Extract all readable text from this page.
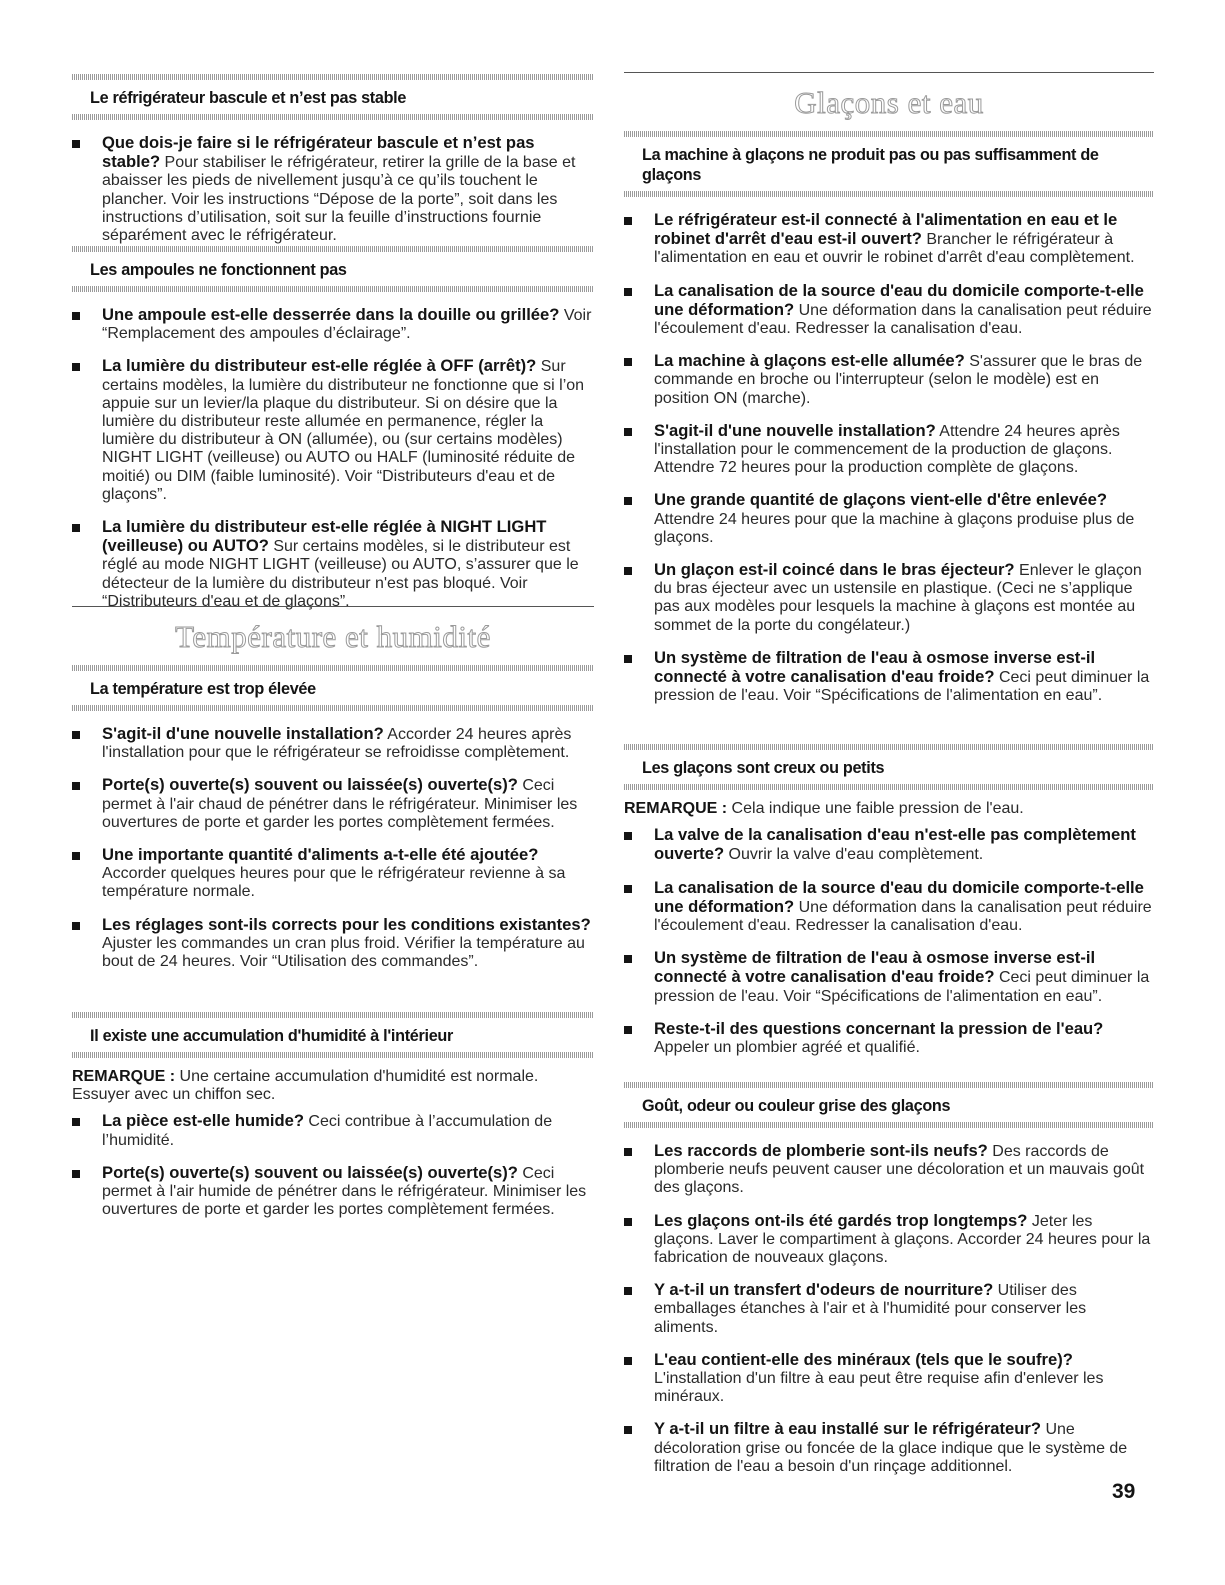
Le réfrigérateur bascule et n’est pas stable
Que dois-je faire si le réfrigérateur bascule et n’est pas stable? Pour stabiliser le réfrigérateur, retirer la grille de la base et abaisser les pieds de nivellement jusqu’à ce qu’ils touchent le plancher. Voir les instructions “Dépose de la porte”, soit dans les instructions d’utilisation, soit sur la feuille d’instructions fournie séparément avec le réfrigérateur.
Les ampoules ne fonctionnent pas
Une ampoule est-elle desserrée dans la douille ou grillée? Voir “Remplacement des ampoules d’éclairage”.
La lumière du distributeur est-elle réglée à OFF (arrêt)? Sur certains modèles, la lumière du distributeur ne fonctionne que si l’on appuie sur un levier/la plaque du distributeur. Si on désire que la lumière du distributeur reste allumée en permanence, régler la lumière du distributeur à ON (allumée), ou (sur certains modèles) NIGHT LIGHT (veilleuse) ou AUTO ou HALF (luminosité réduite de moitié) ou DIM (faible luminosité). Voir “Distributeurs d'eau et de glaçons”.
La lumière du distributeur est-elle réglée à NIGHT LIGHT (veilleuse) ou AUTO? Sur certains modèles, si le distributeur est réglé au mode NIGHT LIGHT (veilleuse) ou AUTO, s’assurer que le détecteur de la lumière du distributeur n'est pas bloqué. Voir “Distributeurs d'eau et de glaçons”.
Température et humidité
La température est trop élevée
S'agit-il d'une nouvelle installation? Accorder 24 heures après l'installation pour que le réfrigérateur se refroidisse complètement.
Porte(s) ouverte(s) souvent ou laissée(s) ouverte(s)? Ceci permet à l'air chaud de pénétrer dans le réfrigérateur. Minimiser les ouvertures de porte et garder les portes complètement fermées.
Une importante quantité d'aliments a-t-elle été ajoutée? Accorder quelques heures pour que le réfrigérateur revienne à sa température normale.
Les réglages sont-ils corrects pour les conditions existantes? Ajuster les commandes un cran plus froid. Vérifier la température au bout de 24 heures. Voir “Utilisation des commandes”.
Il existe une accumulation d'humidité à l'intérieur
REMARQUE : Une certaine accumulation d'humidité est normale. Essuyer avec un chiffon sec.
La pièce est-elle humide? Ceci contribue à l’accumulation de l’humidité.
Porte(s) ouverte(s) souvent ou laissée(s) ouverte(s)? Ceci permet à l'air humide de pénétrer dans le réfrigérateur. Minimiser les ouvertures de porte et garder les portes complètement fermées.
Glaçons et eau
La machine à glaçons ne produit pas ou pas suffisamment de glaçons
Le réfrigérateur est-il connecté à l'alimentation en eau et le robinet d'arrêt d'eau est-il ouvert? Brancher le réfrigérateur à l'alimentation en eau et ouvrir le robinet d'arrêt d'eau complètement.
La canalisation de la source d'eau du domicile comporte-t-elle une déformation? Une déformation dans la canalisation peut réduire l'écoulement d'eau. Redresser la canalisation d'eau.
La machine à glaçons est-elle allumée? S'assurer que le bras de commande en broche ou l'interrupteur (selon le modèle) est en position ON (marche).
S'agit-il d'une nouvelle installation? Attendre 24 heures après l'installation pour le commencement de la production de glaçons. Attendre 72 heures pour la production complète de glaçons.
Une grande quantité de glaçons vient-elle d'être enlevée? Attendre 24 heures pour que la machine à glaçons produise plus de glaçons.
Un glaçon est-il coincé dans le bras éjecteur? Enlever le glaçon du bras éjecteur avec un ustensile en plastique. (Ceci ne s’applique pas aux modèles pour lesquels la machine à glaçons est montée au sommet de la porte du congélateur.)
Un système de filtration de l'eau à osmose inverse est-il connecté à votre canalisation d'eau froide? Ceci peut diminuer la pression de l'eau. Voir “Spécifications de l'alimentation en eau”.
Les glaçons sont creux ou petits
REMARQUE : Cela indique une faible pression de l'eau.
La valve de la canalisation d'eau n'est-elle pas complètement ouverte? Ouvrir la valve d'eau complètement.
La canalisation de la source d'eau du domicile comporte-t-elle une déformation? Une déformation dans la canalisation peut réduire l'écoulement d'eau. Redresser la canalisation d'eau.
Un système de filtration de l'eau à osmose inverse est-il connecté à votre canalisation d'eau froide? Ceci peut diminuer la pression de l'eau. Voir “Spécifications de l'alimentation en eau”.
Reste-t-il des questions concernant la pression de l'eau? Appeler un plombier agréé et qualifié.
Goût, odeur ou couleur grise des glaçons
Les raccords de plomberie sont-ils neufs? Des raccords de plomberie neufs peuvent causer une décoloration et un mauvais goût des glaçons.
Les glaçons ont-ils été gardés trop longtemps? Jeter les glaçons. Laver le compartiment à glaçons. Accorder 24 heures pour la fabrication de nouveaux glaçons.
Y a-t-il un transfert d'odeurs de nourriture? Utiliser des emballages étanches à l'air et à l'humidité pour conserver les aliments.
L'eau contient-elle des minéraux (tels que le soufre)? L'installation d'un filtre à eau peut être requise afin d'enlever les minéraux.
Y a-t-il un filtre à eau installé sur le réfrigérateur? Une décoloration grise ou foncée de la glace indique que le système de filtration de l'eau a besoin d'un rinçage additionnel.
39
